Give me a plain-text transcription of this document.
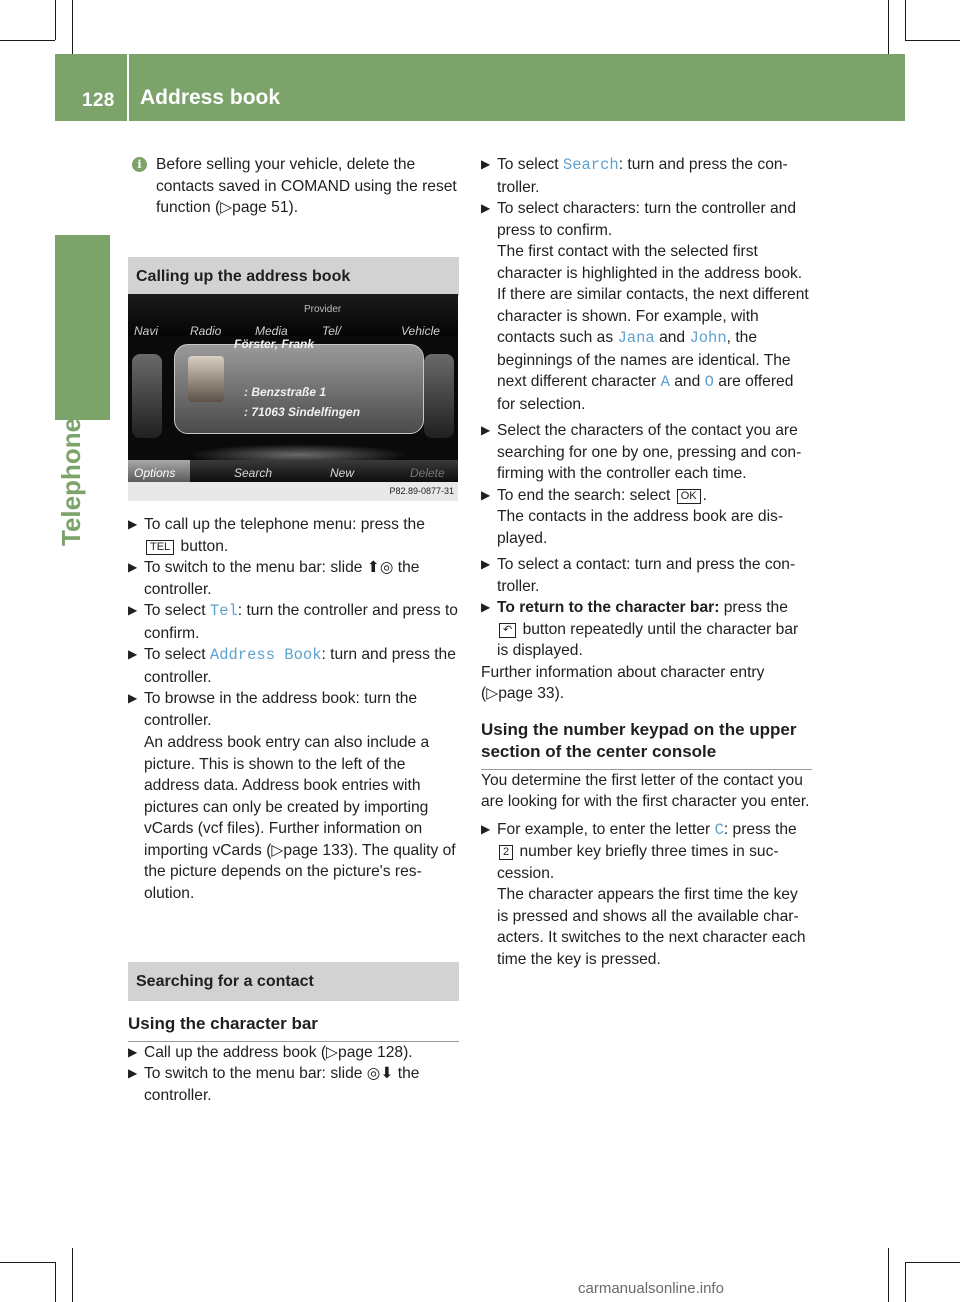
128 Address book
Telephone

i Before selling your vehicle, delete the contacts saved in COMAND using the reset function (▷page 51).

Calling up the address book

Provider
Navi	Radio	Media	Tel/	Vehicle
Förster, Frank
: Benzstraße 1
: 71063 Sindelfingen
Options	Search	New	Delete
P82.89-0877-31

▶ To call up the telephone menu: press the TEL button.

▶ To switch to the menu bar: slide ⬆◎ the controller.

▶ To select Tel: turn the controller and press to confirm.

▶ To select Address Book: turn and press the controller.

▶ To browse in the address book: turn the controller.

An address book entry can also include a picture. This is shown to the left of the address data. Address book entries with pictures can only be created by importing vCards (vcf files). Further information on importing vCards (▷page 133). The quality of the picture depends on the picture's res- olution.

Searching for a contact

Using the character bar

▶ Call up the address book (▷page 128).

▶ To switch to the menu bar: slide ◎⬇ the controller.

▶ To select Search: turn and press the con- troller.

▶ To select characters: turn the controller and press to confirm.

The first contact with the selected first character is highlighted in the address book. If there are similar contacts, the next different character is shown. For example, with contacts such as Jana and John, the beginnings of the names are identical. The next different character A and O are offered for selection.

▶ Select the characters of the contact you are searching for one by one, pressing and con- firming with the controller each time.

▶ To end the search: select OK .

The contacts in the address book are dis- played.

▶ To select a contact: turn and press the con- troller.

▶ To return to the character bar: press the ↶ button repeatedly until the character bar is displayed.

Further information about character entry (▷page 33).

Using the number keypad on the upper section of the center console

You determine the first letter of the contact you are looking for with the first character you enter.

▶ For example, to enter the letter C: press the 2 number key briefly three times in suc- cession.

The character appears the first time the key is pressed and shows all the available char- acters. It switches to the next character each time the key is pressed.

carmanualsonline.info
